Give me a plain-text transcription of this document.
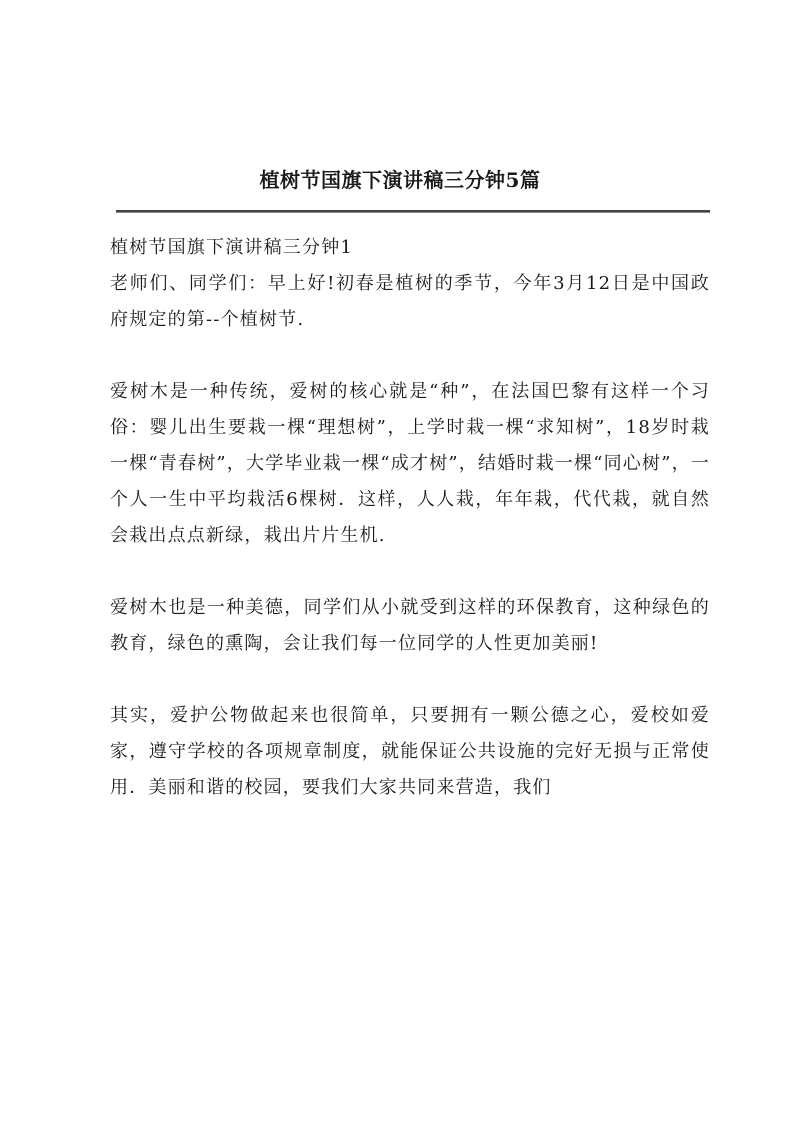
植树节国旗下演讲稿三分钟5篇

植树节国旗下演讲稿三分钟1

老师们、同学们：早上好!初春是植树的季节，今年3月12日是中国政府规定的第--个植树节.

爱树木是一种传统，爱树的核心就是“种”，在法国巴黎有这样一个习俗：婴儿出生要栽一棵“理想树”，上学时栽一棵“求知树”，18岁时栽一棵“青春树”，大学毕业栽一棵“成才树”，结婚时栽一棵“同心树”，一个人一生中平均栽活6棵树．这样，人人栽，年年栽，代代栽，就自然会栽出点点新绿，栽出片片生机.

爱树木也是一种美德，同学们从小就受到这样的环保教育，这种绿色的教育，绿色的熏陶，会让我们每一位同学的人性更加美丽!

其实，爱护公物做起来也很简单，只要拥有一颗公德之心，爱校如爱家，遵守学校的各项规章制度，就能保证公共设施的完好无损与正常使用．美丽和谐的校园，要我们大家共同来营造，我们
